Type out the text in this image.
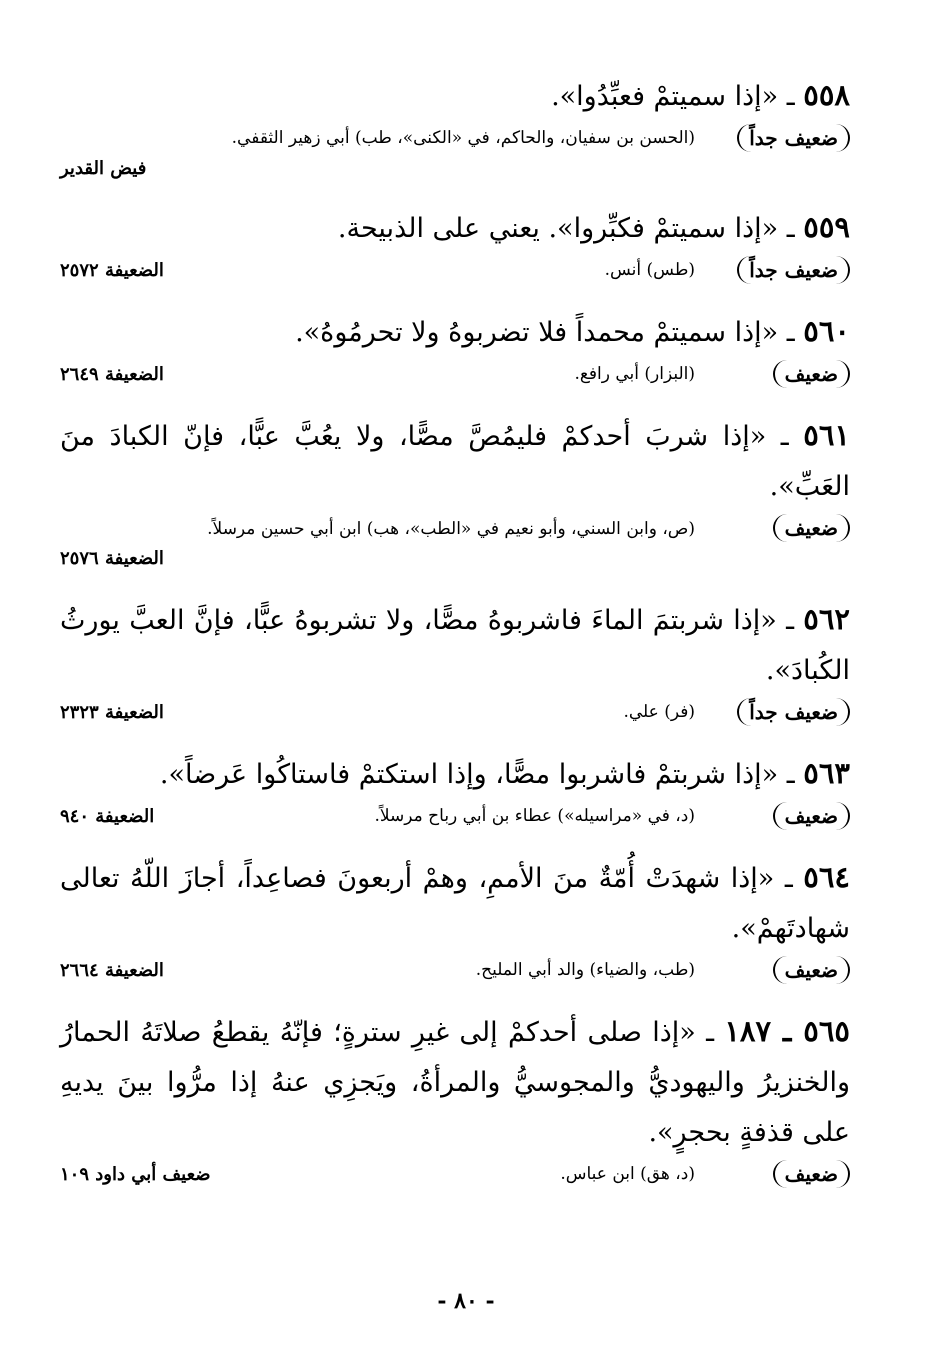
٥٥٨ ـ «إذا سميتمْ فعبِّدُوا».
ضعيف جداً
(الحسن بن سفيان، والحاكم، في «الكنى»، طب) أبي زهير الثقفي.
فيض القدير
٥٥٩ ـ «إذا سميتمْ فكبِّروا». يعني على الذبيحة.
ضعيف جداً
(طس) أنس.
الضعيفة ٢٥٧٢
٥٦٠ ـ «إذا سميتمْ محمداً فلا تضربوهُ ولا تحرمُوهُ».
ضعيف
(البزار) أبي رافع.
الضعيفة ٢٦٤٩
٥٦١ ـ «إذا شربَ أحدكمْ فليمُصَّ مصًّا، ولا يعُبَّ عبًّا، فإنّ الكبادَ منَ العَبِّ».
ضعيف
(ص، وابن السني، وأبو نعيم في «الطب»، هب) ابن أبي حسين مرسلاً.
الضعيفة ٢٥٧٦
٥٦٢ ـ «إذا شربتمَ الماءَ فاشربوهُ مصًّا، ولا تشربوهُ عبًّا، فإنَّ العبَّ يورثُ الكُبادَ».
ضعيف جداً
(فر) علي.
الضعيفة ٢٣٢٣
٥٦٣ ـ «إذا شربتمْ فاشربوا مصًّا، وإذا استكتمْ فاستاكُوا عَرضاً».
ضعيف
(د، في «مراسيله») عطاء بن أبي رباح مرسلاً.
الضعيفة ٩٤٠
٥٦٤ ـ «إذا شهدَتْ أُمّةٌ منَ الأممِ، وهمْ أربعونَ فصاعِداً، أجازَ اللّهُ تعالى شهادتَهمْ».
ضعيف
(طب، والضياء) والد أبي المليح.
الضعيفة ٢٦٦٤
٥٦٥ ـ ١٨٧ ـ «إذا صلى أحدكمْ إلى غيرِ سترةٍ؛ فإنّهُ يقطعُ صلاتَهُ الحمارُ والخنزيرُ واليهوديُّ والمجوسيُّ والمرأةُ، ويَجزِي عنهُ إذا مرُّوا بينَ يديهِ على قذفةٍ بحجرٍ».
ضعيف
(د، هق) ابن عباس.
ضعيف أبي داود ١٠٩
- ٨٠ -
